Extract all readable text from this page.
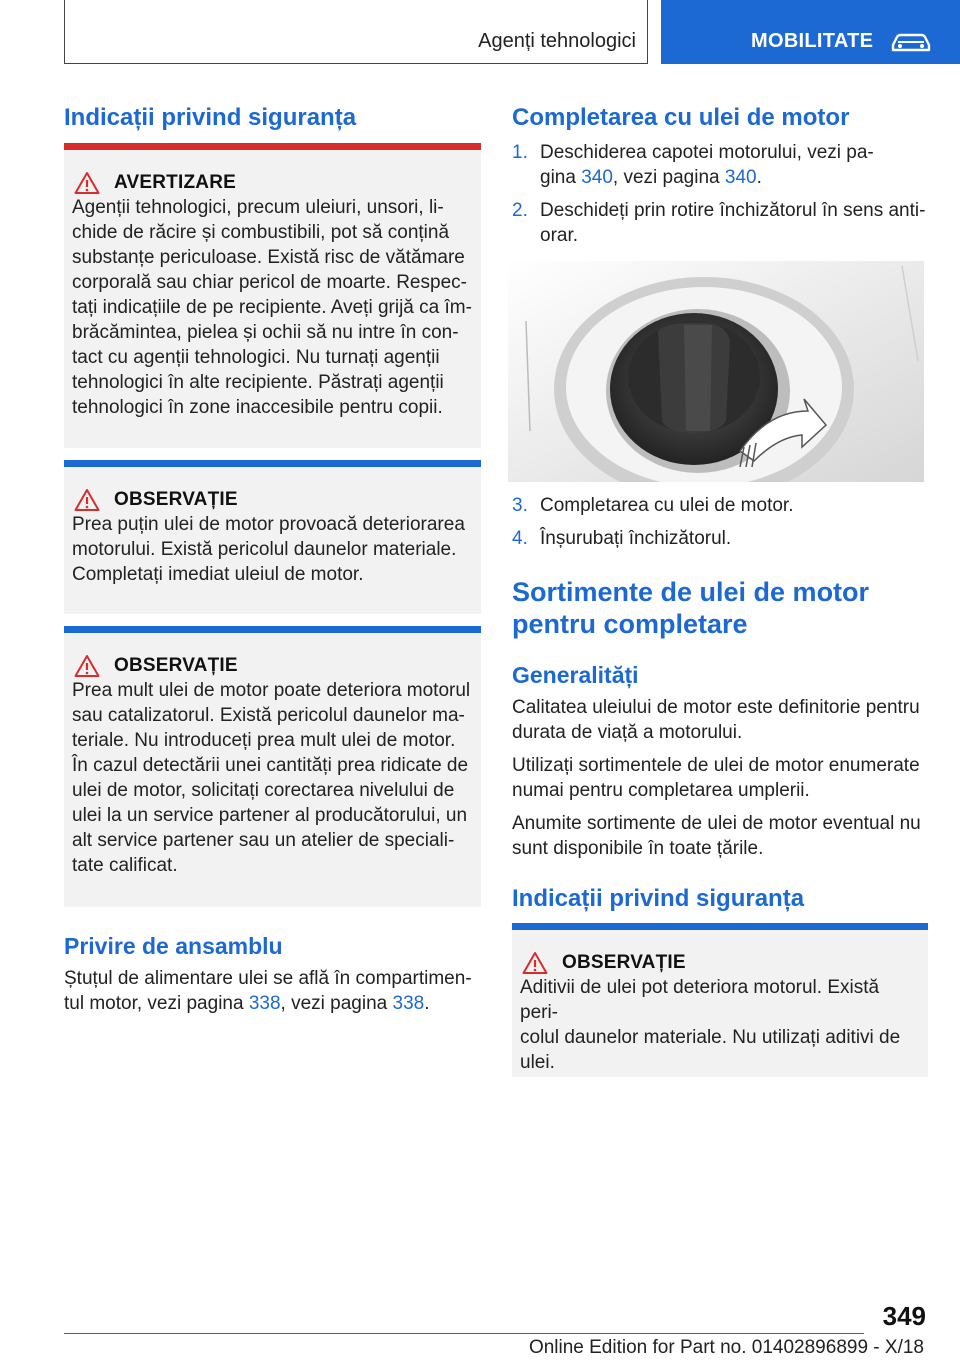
Agenți tehnologici	MOBILITATE
Indicații privind siguranța
AVERTIZARE
Agenții tehnologici, precum uleiuri, unsori, li-
chide de răcire și combustibili, pot să conțină
substanțe periculoase. Există risc de vătămare
corporală sau chiar pericol de moarte. Respec-
tați indicațiile de pe recipiente. Aveți grijă ca îm-
brăcămintea, pielea și ochii să nu intre în con-
tact cu agenții tehnologici. Nu turnați agenții
tehnologici în alte recipiente. Păstrați agenții
tehnologici în zone inaccesibile pentru copii.
OBSERVAȚIE
Prea puțin ulei de motor provoacă deteriorarea
motorului. Există pericolul daunelor materiale.
Completați imediat uleiul de motor.
OBSERVAȚIE
Prea mult ulei de motor poate deteriora motorul
sau catalizatorul. Există pericolul daunelor ma-
teriale. Nu introduceți prea mult ulei de motor.
În cazul detectării unei cantități prea ridicate de
ulei de motor, solicitați corectarea nivelului de
ulei la un service partener al producătorului, un
alt service partener sau un atelier de speciali-
tate calificat.
Privire de ansamblu
Ștuțul de alimentare ulei se află în compartimen-
tul motor, vezi pagina 338, vezi pagina 338.
Completarea cu ulei de motor
1. Deschiderea capotei motorului, vezi pa-
gina 340, vezi pagina 340.
2. Deschideți prin rotire închizătorul în sens anti-
orar.
3. Completarea cu ulei de motor.
4. Înșurubați închizătorul.
Sortimente de ulei de motor
pentru completare
Generalități

Calitatea uleiului de motor este definitorie pentru
durata de viață a motorului.

Utilizați sortimentele de ulei de motor enumerate
numai pentru completarea umplerii.

Anumite sortimente de ulei de motor eventual nu
sunt disponibile în toate țările.

Indicații privind siguranța
OBSERVAȚIE
Aditivii de ulei pot deteriora motorul. Există peri-
colul daunelor materiale. Nu utilizați aditivi de
ulei.
349
Online Edition for Part no. 01402896899 - X/18
